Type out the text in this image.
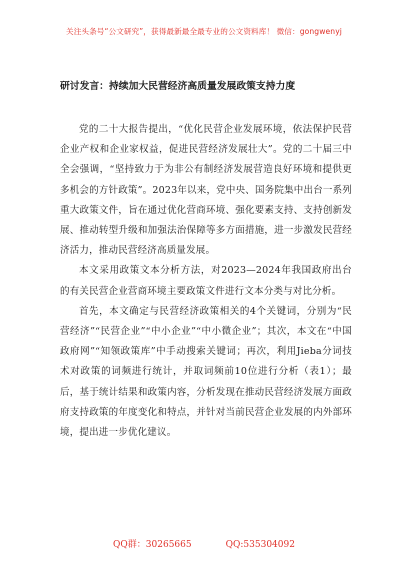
关注头条号“公文研究”，获得最新最全最专业的公文资料库！ 微信：gongwenyj
研讨发言：持续加大民营经济高质量发展政策支持力度

党的二十大报告提出，“优化民营企业发展环境，依法保护民营企业产权和企业家权益，促进民营经济发展壮大”。党的二十届三中全会强调，“坚持致力于为非公有制经济发展营造良好环境和提供更多机会的方针政策”。2023年以来，党中央、国务院集中出台一系列重大政策文件，旨在通过优化营商环境、强化要素支持、支持创新发展、推动转型升级和加强法治保障等多方面措施，进一步激发民营经济活力，推动民营经济高质量发展。

本文采用政策文本分析方法，对2023—2024年我国政府出台的有关民营企业营商环境主要政策文件进行文本分类与对比分析。

首先，本文确定与民营经济政策相关的4个关键词，分别为“民营经济”“民营企业”“中小企业”“中小微企业”；其次，本文在“中国政府网”“知领政策库”中手动搜索关键词；再次，利用Jieba分词技术对政策的词频进行统计，并取词频前10位进行分析（表1）；最后，基于统计结果和政策内容，分析发现在推动民营经济发展方面政府支持政策的年度变化和特点，并针对当前民营企业发展的内外部环境，提出进一步优化建议。

QQ群：30265665	QQ:535304092
